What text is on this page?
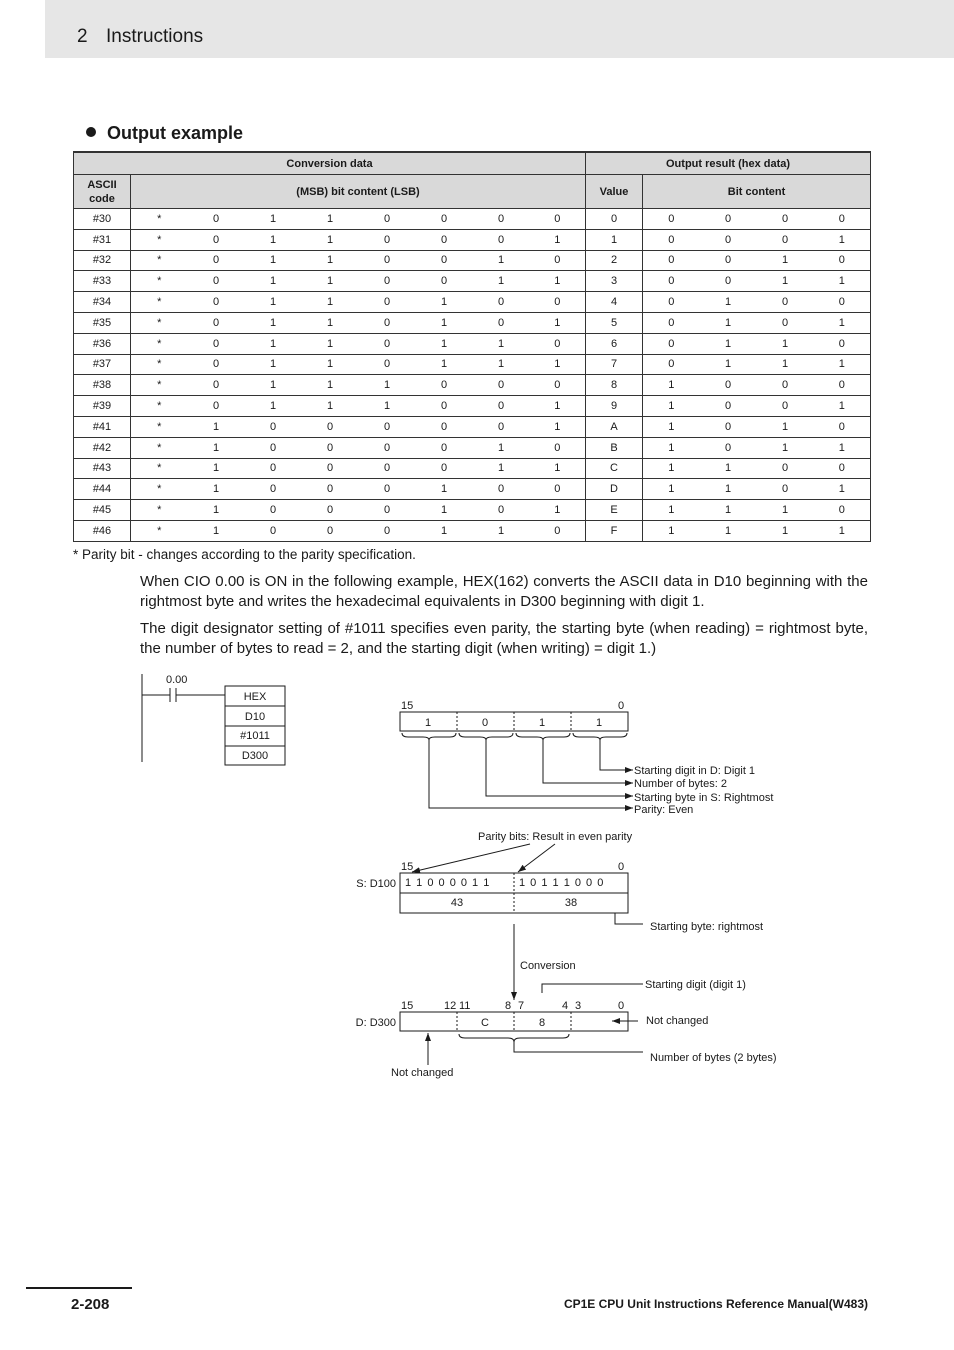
2 Instructions
Output example
Conversion data									Output result (hex data)				
ASCII code	(MSB) bit content (LSB)								Value	Bit content			
#30	*	0	1	1	0	0	0	0	0	0	0	0	0
#31	*	0	1	1	0	0	0	1	1	0	0	0	1
#32	*	0	1	1	0	0	1	0	2	0	0	1	0
#33	*	0	1	1	0	0	1	1	3	0	0	1	1
#34	*	0	1	1	0	1	0	0	4	0	1	0	0
#35	*	0	1	1	0	1	0	1	5	0	1	0	1
#36	*	0	1	1	0	1	1	0	6	0	1	1	0
#37	*	0	1	1	0	1	1	1	7	0	1	1	1
#38	*	0	1	1	1	0	0	0	8	1	0	0	0
#39	*	0	1	1	1	0	0	1	9	1	0	0	1
#41	*	1	0	0	0	0	0	1	A	1	0	1	0
#42	*	1	0	0	0	0	1	0	B	1	0	1	1
#43	*	1	0	0	0	0	1	1	C	1	1	0	0
#44	*	1	0	0	0	1	0	0	D	1	1	0	1
#45	*	1	0	0	0	1	0	1	E	1	1	1	0
#46	*	1	0	0	0	1	1	0	F	1	1	1	1
* Parity bit - changes according to the parity specification.
When CIO 0.00 is ON in the following example, HEX(162) converts the ASCII data in D10 beginning with the rightmost byte and writes the hexadecimal equivalents in D300 beginning with digit 1.
The digit designator setting of #1011 specifies even parity, the starting byte (when reading) = rightmost byte, the number of bytes to read = 2, and the starting digit (when writing) = digit 1.)
0.00
HEX
D10
#1011
D300
15	0
1	0	1	1
Starting digit in D: Digit 1
Number of bytes: 2
Starting byte in S: Rightmost
Parity: Even
Parity bits: Result in even parity
15	0
S: D100 1 1 0 0 0 0 1 1	1 0 1 1 1 0 0 0
43	38
Starting byte: rightmost
Conversion
Starting digit (digit 1)
15	12 11	8 7	4 3	0
D: D300	C	8	Not changed
Number of bytes (2 bytes)
Not changed
2-208	CP1E CPU Unit Instructions Reference Manual(W483)
